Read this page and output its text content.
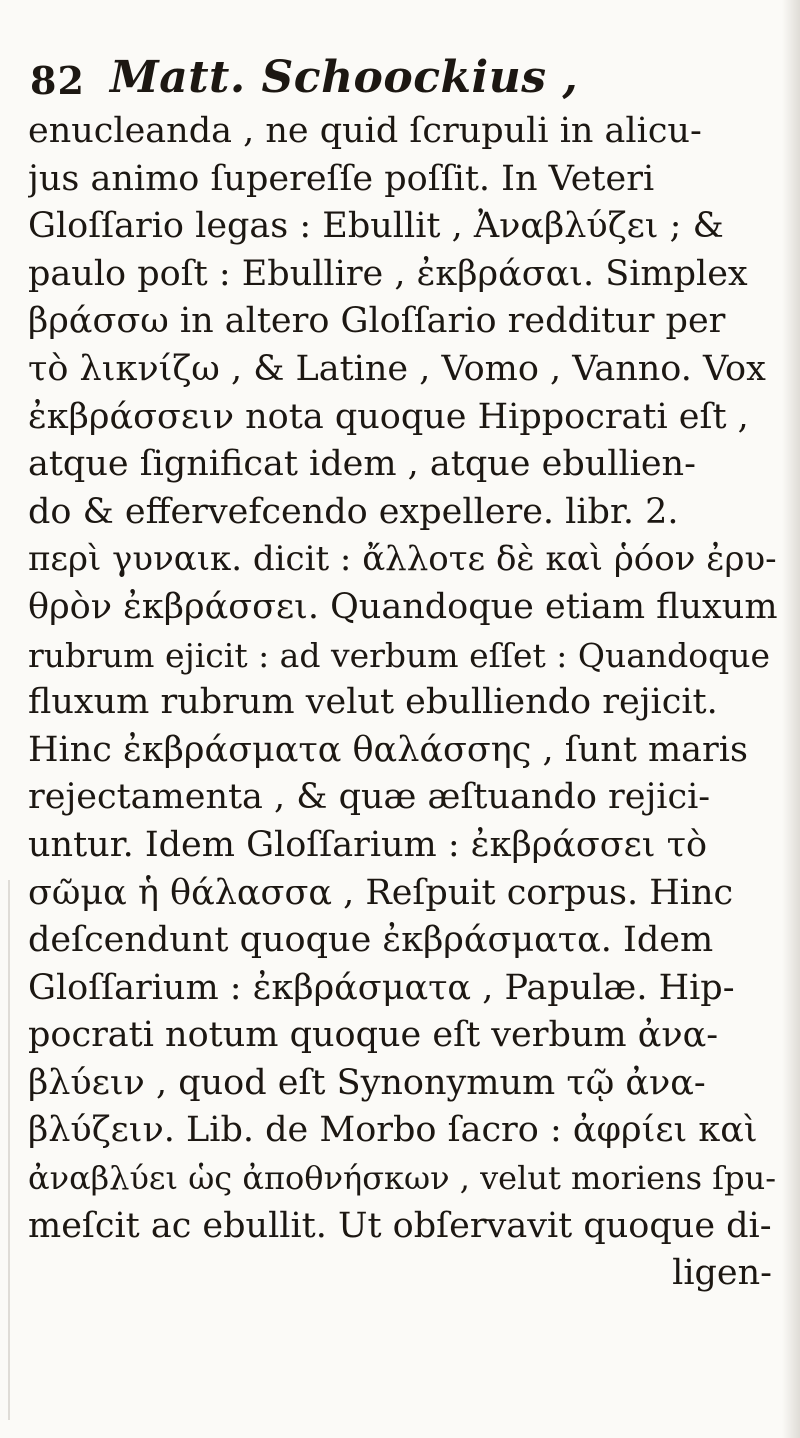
82 Matt. Schoockius ,
enucleanda , ne quid ſcrupuli in alicu-
jus animo ſupereſſe poſſit. In Veteri
Gloſſario legas : Ebullit , Ἀναβλύζει ; &
paulo poſt : Ebullire , ἐκβράσαι. Simplex
βράσσω in altero Gloſſario redditur per
τὸ λικνίζω , & Latine , Vomo , Vanno. Vox
ἐκβράσσειν nota quoque Hippocrati eſt ,
atque ſignificat idem , atque ebullien-
do & effervefcendo expellere. libr. 2.
περὶ γυναικ. dicit : ἄλλοτε δὲ καὶ ῥόον ἐρυ-
θρὸν ἐκβράσσει. Quandoque etiam fluxum
rubrum ejicit : ad verbum eſſet : Quandoque
fluxum rubrum velut ebulliendo rejicit.
Hinc ἐκβράσματα θαλάσσης , ſunt maris
rejectamenta , & quæ æſtuando rejici-
untur. Idem Gloſſarium : ἐκβράσσει τὸ
σῶμα ἡ θάλασσα , Reſpuit corpus. Hinc
deſcendunt quoque ἐκβράσματα. Idem
Gloſſarium : ἐκβράσματα , Papulæ. Hip-
pocrati notum quoque eſt verbum ἀνα-
βλύειν , quod eſt Synonymum τῷ ἀνα-
βλύζειν. Lib. de Morbo ſacro : ἀφρίει καὶ
ἀναβλύει ὡς ἀποθνήσκων , velut moriens ſpu-
meſcit ac ebullit. Ut obſervavit quoque di-
ligen-
